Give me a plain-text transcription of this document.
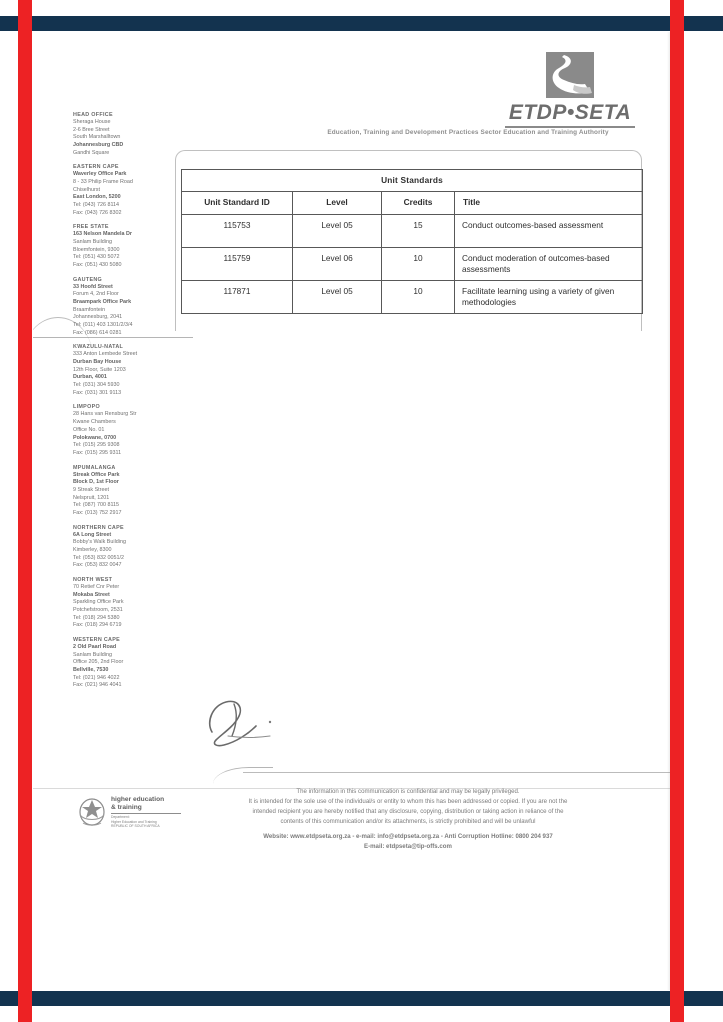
ETDP•SETA
Education, Training and Development Practices Sector Education and Training Authority
HEAD OFFICE
Sheraga House
2-6 Bree Street
South Marshalltown
Johannesburg CBD
Gandhi Square
EASTERN CAPE
Waverley Office Park
8 - 33 Philip Frame Road
Chiselhurst
East London, 5200
Tel: (043) 726 8114
Fax: (043) 726 8302
FREE STATE
163 Nelson Mandela Dr
Sanlam Building
Bloemfontein, 9300
Tel: (051) 430 5072
Fax: (051) 430 5080
GAUTENG
33 Hoofd Street
Forum 4, 2nd Floor
Braampark Office Park
Braamfontein
Johannesburg, 2041
Tel: (011) 403 1301/2/3/4
Fax: (086) 614 0281
KWAZULU-NATAL
333 Anton Lembede Street
Durban Bay House
12th Floor, Suite 1203
Durban, 4001
Tel: (031) 304 5930
Fax: (031) 301 9113
LIMPOPO
28 Hans van Rensburg Str
Kwane Chambers
Office No. 01
Polokwane, 0700
Tel: (015) 295 9308
Fax: (015) 295 9311
MPUMALANGA
Streak Office Park
Block D, 1st Floor
9 Streak Street
Nelspruit, 1201
Tel: (087) 700 8115
Fax: (013) 752 2917
NORTHERN CAPE
6A Long Street
Bobby's Walk Building
Kimberley, 8300
Tel: (053) 832 0051/2
Fax: (053) 832 0047
NORTH WEST
70 Retief Cnr Peter
Mokaba Street
Sparkling Office Park
Potchefstroom, 2531
Tel: (018) 294 5380
Fax: (018) 294 6719
WESTERN CAPE
2 Old Paarl Road
Sanlam Building
Office 205, 2nd Floor
Bellville, 7530
Tel: (021) 946 4022
Fax: (021) 946 4041
Unit Standards			
Unit Standard ID	Level	Credits	Title
115753	Level 05	15	Conduct outcomes-based assessment
115759	Level 06	10	Conduct moderation of outcomes-based assessments
117871	Level 05	10	Facilitate learning using a variety of given methodologies
higher education
& training
Department:
Higher Education and Training
REPUBLIC OF SOUTH AFRICA
The information in this communication is confidential and may be legally privileged.
It is intended for the sole use of the individual/s or entity to whom this has been addressed or copied. If you are not the
intended recipient you are hereby notified that any disclosure, copying, distribution or taking action in reliance of the
contents of this communication and/or its attachments, is strictly prohibited and will be unlawful
Website: www.etdpseta.org.za - e-mail: info@etdpseta.org.za - Anti Corruption Hotline: 0800 204 937
E-mail: etdpseta@tip-offs.com
